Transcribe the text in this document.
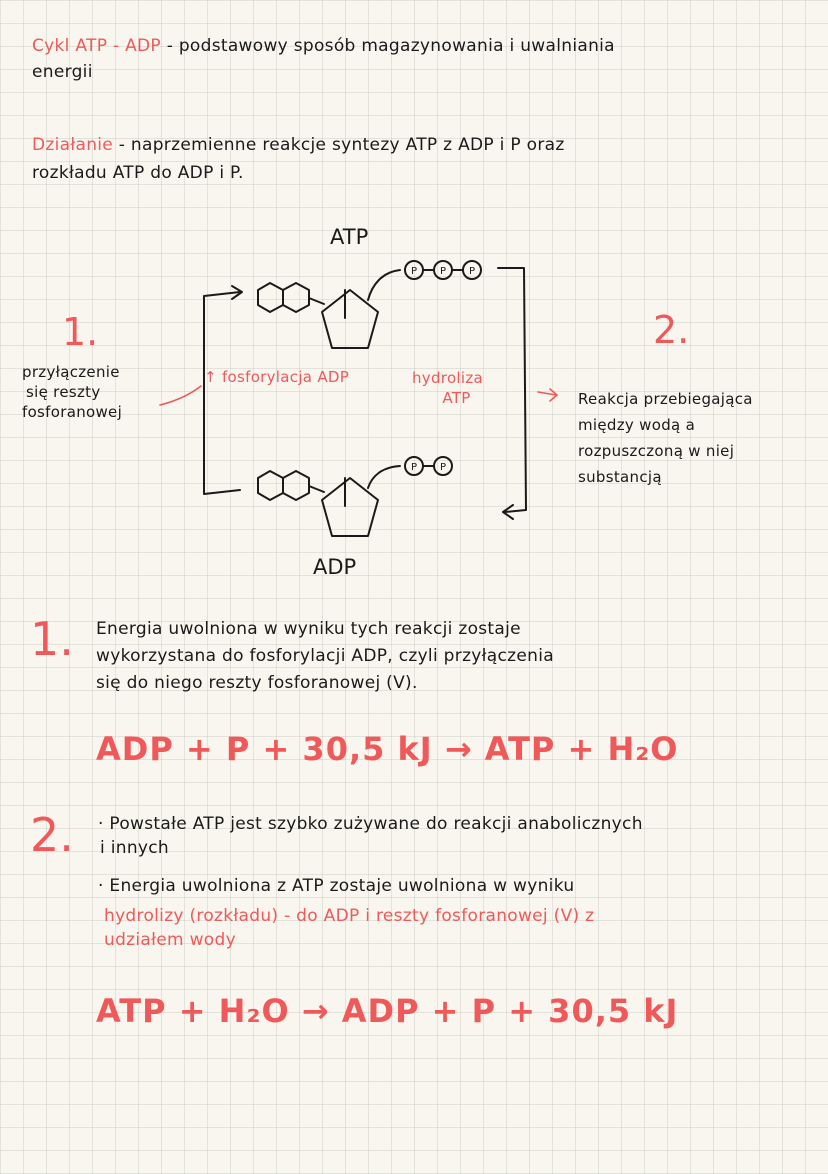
Cykl ATP - ADP - podstawowy sposób magazynowania i uwalniania
energii
Działanie - naprzemienne reakcje syntezy ATP z ADP i P oraz
rozkładu ATP do ADP i P.
P P P
P P
ATP
ADP
1.	2.
przyłączenie
się reszty
fosforanowej
↑ fosforylacja ADP	hydroliza
ATP	Reakcja przebiegająca
między wodą a
rozpuszczoną w niej
substancją
1. Energia uwolniona w wyniku tych reakcji zostaje
wykorzystana do fosforylacji ADP, czyli przyłączenia
się do niego reszty fosforanowej (V).
ADP + P + 30,5 kJ → ATP + H₂O
2. · Powstałe ATP jest szybko zużywane do reakcji anabolicznych
i innych
· Energia uwolniona z ATP zostaje uwolniona w wyniku
hydrolizy (rozkładu) - do ADP i reszty fosforanowej (V) z
udziałem wody
ATP + H₂O → ADP + P + 30,5 kJ
